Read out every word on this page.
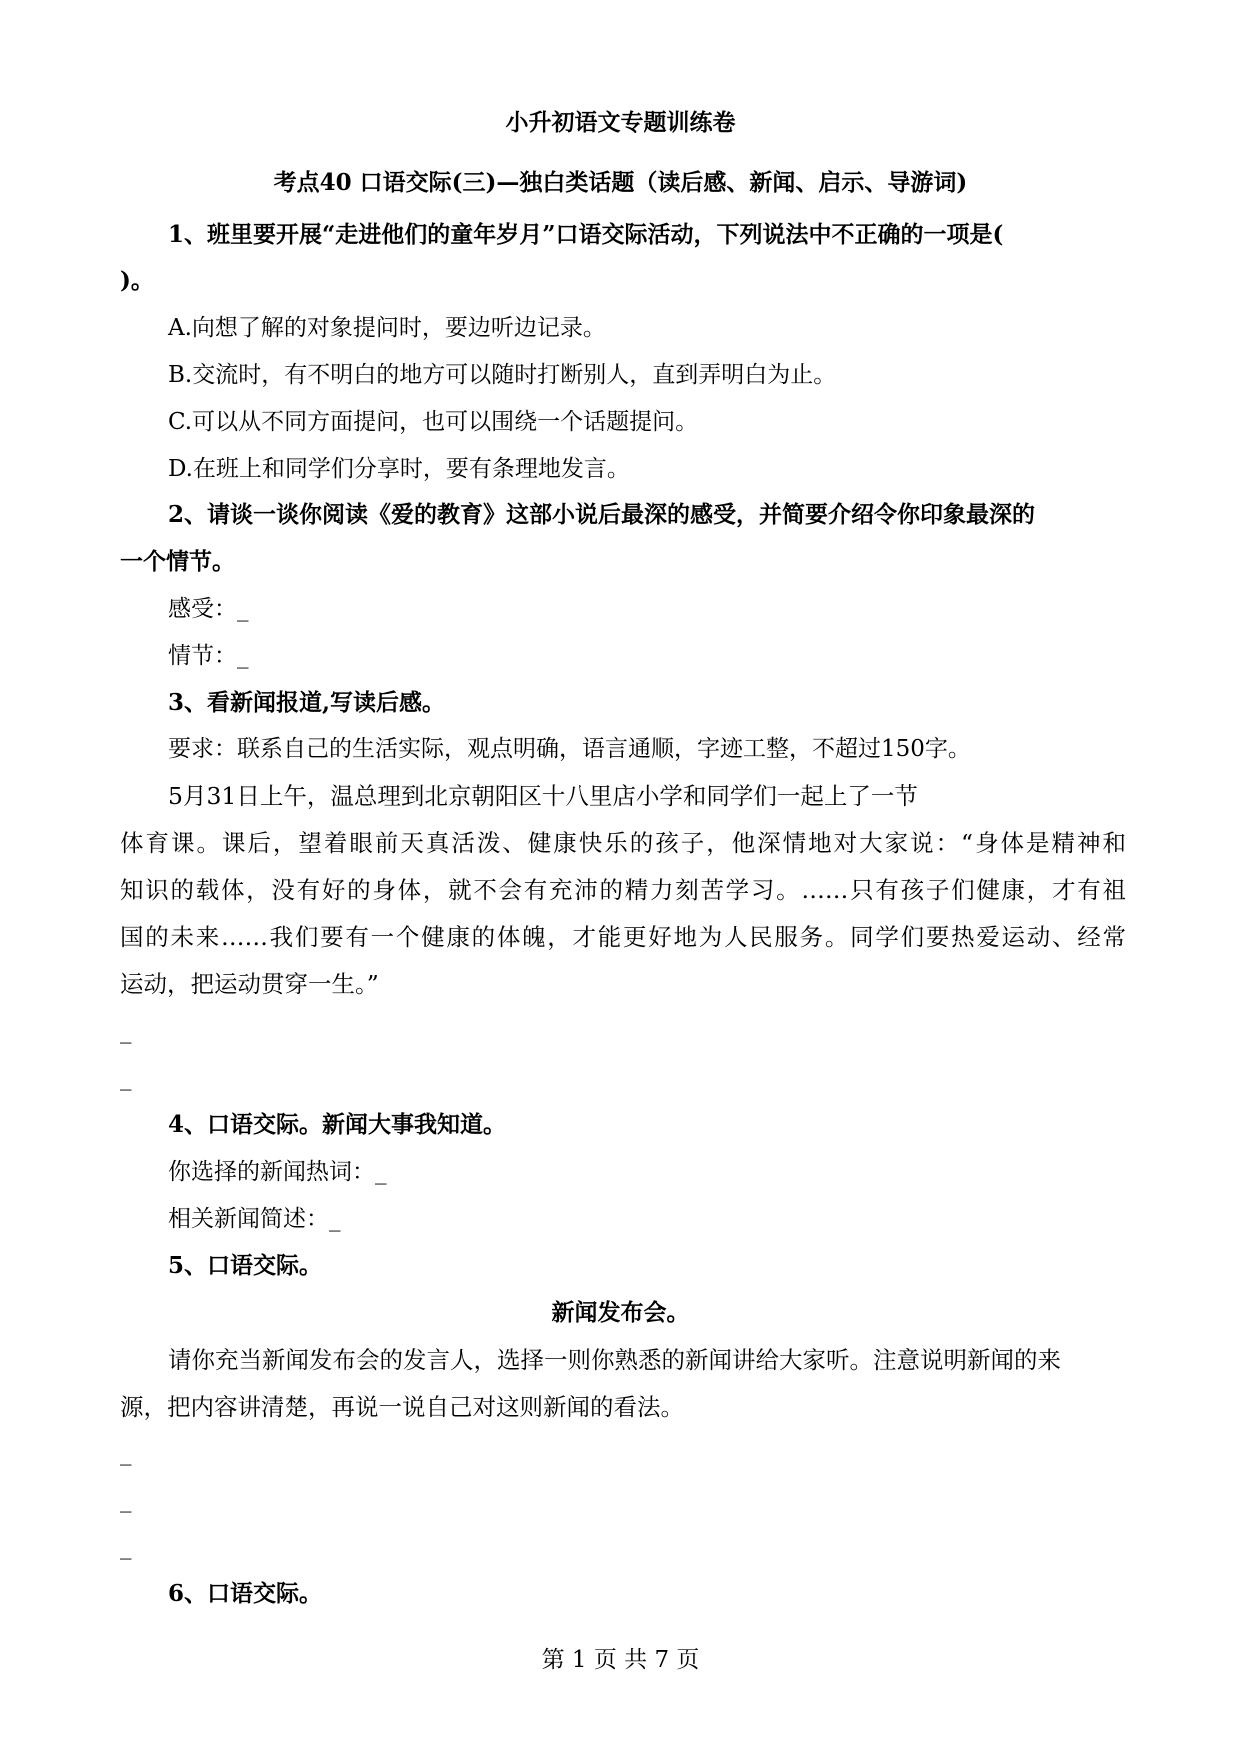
小升初语文专题训练卷
考点40 口语交际(三)—独白类话题（读后感、新闻、启示、导游词)
1、班里要开展“走进他们的童年岁月”口语交际活动，下列说法中不正确的一项是(
)。
A.向想了解的对象提问时，要边听边记录。
B.交流时，有不明白的地方可以随时打断别人，直到弄明白为止。
C.可以从不同方面提问，也可以围绕一个话题提问。
D.在班上和同学们分享时，要有条理地发言。
2、请谈一谈你阅读《爱的教育》这部小说后最深的感受，并简要介绍令你印象最深的
一个情节。
感受：_
情节：_
3、看新闻报道,写读后感。
要求：联系自己的生活实际，观点明确，语言通顺，字迹工整，不超过150字。
5月31日上午，温总理到北京朝阳区十八里店小学和同学们一起上了一节
体育课。课后，望着眼前天真活泼、健康快乐的孩子，他深情地对大家说：“身体是精神和
知识的载体，没有好的身体，就不会有充沛的精力刻苦学习。……只有孩子们健康，才有祖
国的未来……我们要有一个健康的体魄，才能更好地为人民服务。同学们要热爱运动、经常
运动，把运动贯穿一生。”
_
_
4、口语交际。新闻大事我知道。
你选择的新闻热词：_
相关新闻简述：_
5、口语交际。
新闻发布会。
请你充当新闻发布会的发言人，选择一则你熟悉的新闻讲给大家听。注意说明新闻的来
源，把内容讲清楚，再说一说自己对这则新闻的看法。
_
_
_
6、口语交际。
第 1 页 共 7 页
